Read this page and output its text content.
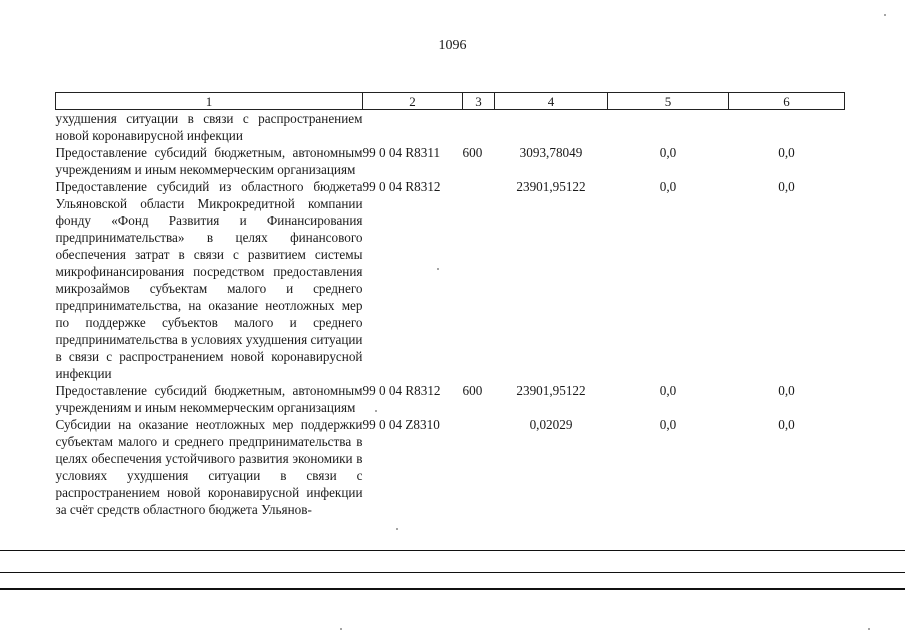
1096
1	2	3	4	5	6
ухудшения ситуации в связи с распространением новой коронавирусной инфекции					
Предоставление субсидий бюджетным, автономным учреждениям и иным некоммерческим организациям	99 0 04 R8311	600	3093,78049	0,0	0,0
Предоставление субсидий из областного бюджета Ульяновской области Микрокредитной компании фонду «Фонд Развития и Финансирования предпринимательства» в целях финансового обеспечения затрат в связи с развитием системы микрофинансирования посредством предоставления микрозаймов субъектам малого и среднего предпринимательства, на оказание неотложных мер по поддержке субъектов малого и среднего предпринимательства в условиях ухудшения ситуации в связи с распространением новой коронавирусной инфекции	99 0 04 R8312		23901,95122	0,0	0,0
Предоставление субсидий бюджетным, автономным учреждениям и иным некоммерческим организациям	99 0 04 R8312	600	23901,95122	0,0	0,0
Субсидии на оказание неотложных мер поддержки субъектам малого и среднего предпринимательства в целях обеспечения устойчивого развития экономики в условиях ухудшения ситуации в связи с распространением новой коронавирусной инфекции за счёт средств областного бюджета Ульянов-	99 0 04 Z8310		0,02029	0,0	0,0
